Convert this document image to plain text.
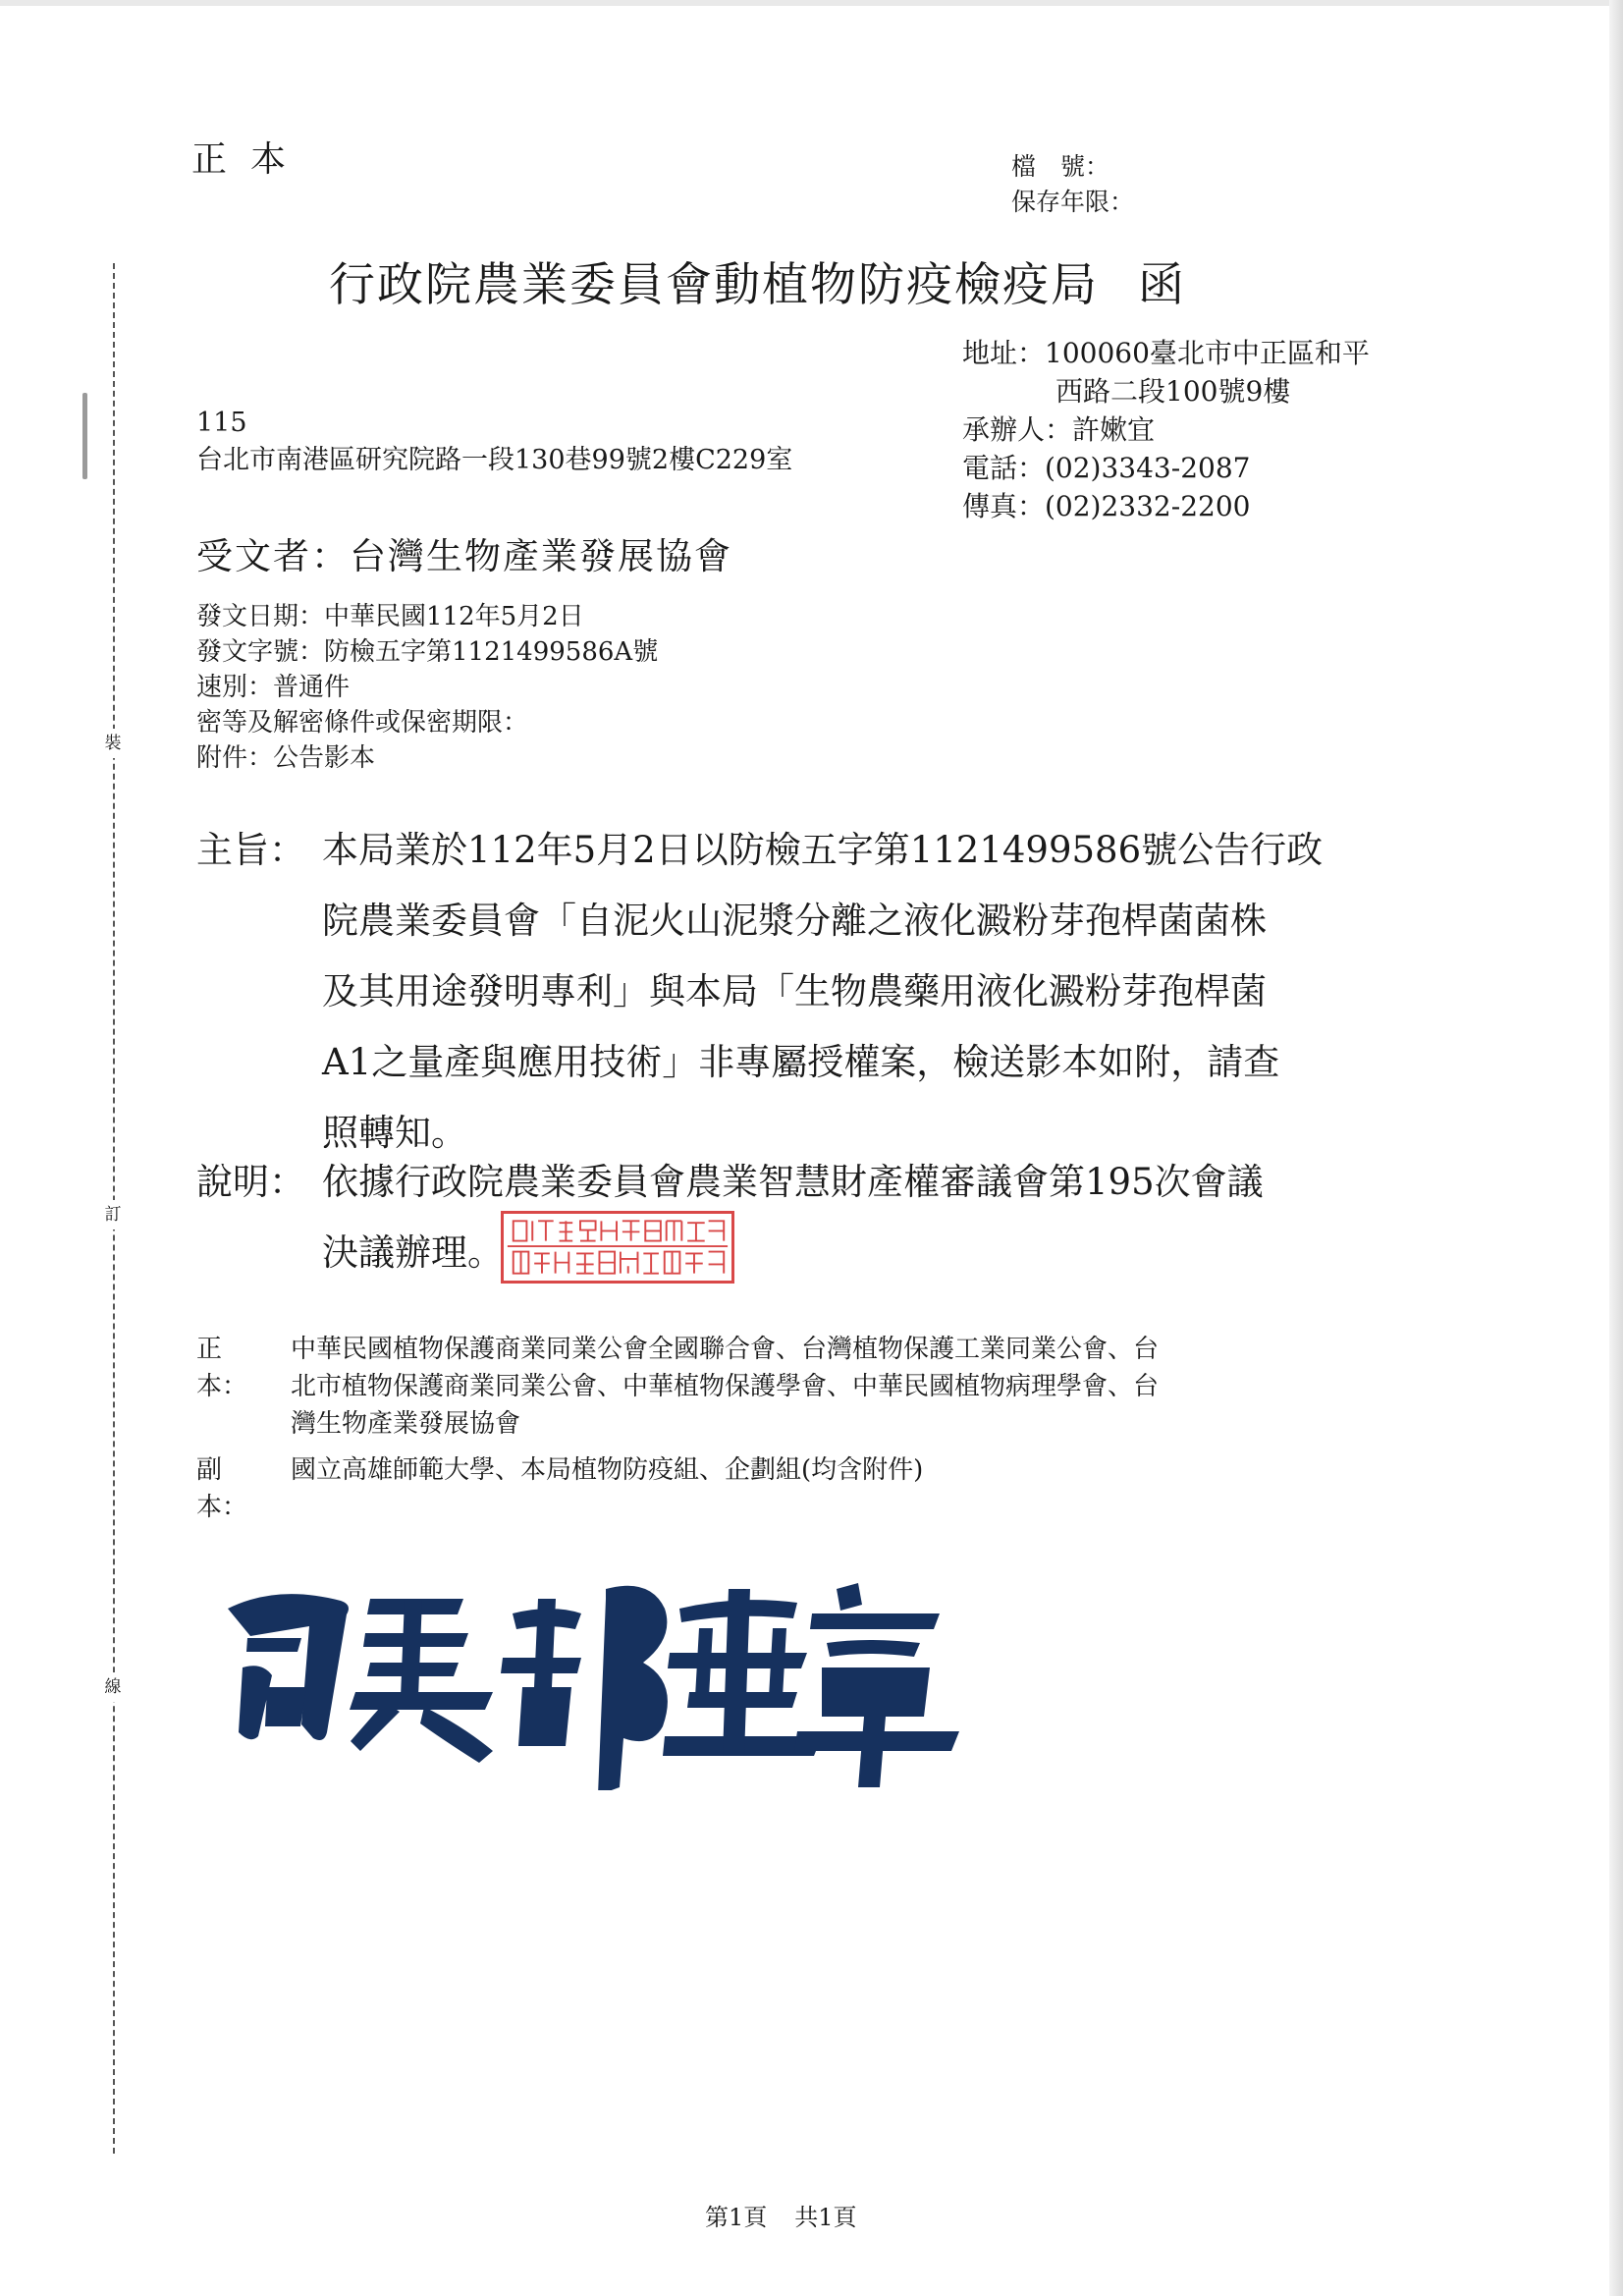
裝
訂
線
正本	檔　號：
保存年限：
行政院農業委員會動植物防疫檢疫局 函
地址：100060臺北市中正區和平
西路二段100號9樓
承辦人：許嫰宜
電話：(02)3343-2087
傳真：(02)2332-2200
115
台北市南港區研究院路一段130巷99號2樓C229室
受文者：台灣生物產業發展協會
發文日期：中華民國112年5月2日
發文字號：防檢五字第1121499586A號
速別：普通件
密等及解密條件或保密期限：
附件：公告影本
主旨： 本局業於112年5月2日以防檢五字第1121499586號公告行政
院農業委員會「自泥火山泥漿分離之液化澱粉芽孢桿菌菌株
及其用途發明專利」與本局「生物農藥用液化澱粉芽孢桿菌
A1之量產與應用技術」非專屬授權案，檢送影本如附，請查
照轉知。
說明： 依據行政院農業委員會農業智慧財產權審議會第195次會議
決議辦理。
正本：
中華民國植物保護商業同業公會全國聯合會、台灣植物保護工業同業公會、台
北市植物保護商業同業公會、中華植物保護學會、中華民國植物病理學會、台
灣生物產業發展協會
副本：
國立高雄師範大學、本局植物防疫組、企劃組(均含附件)
第1頁 共1頁
